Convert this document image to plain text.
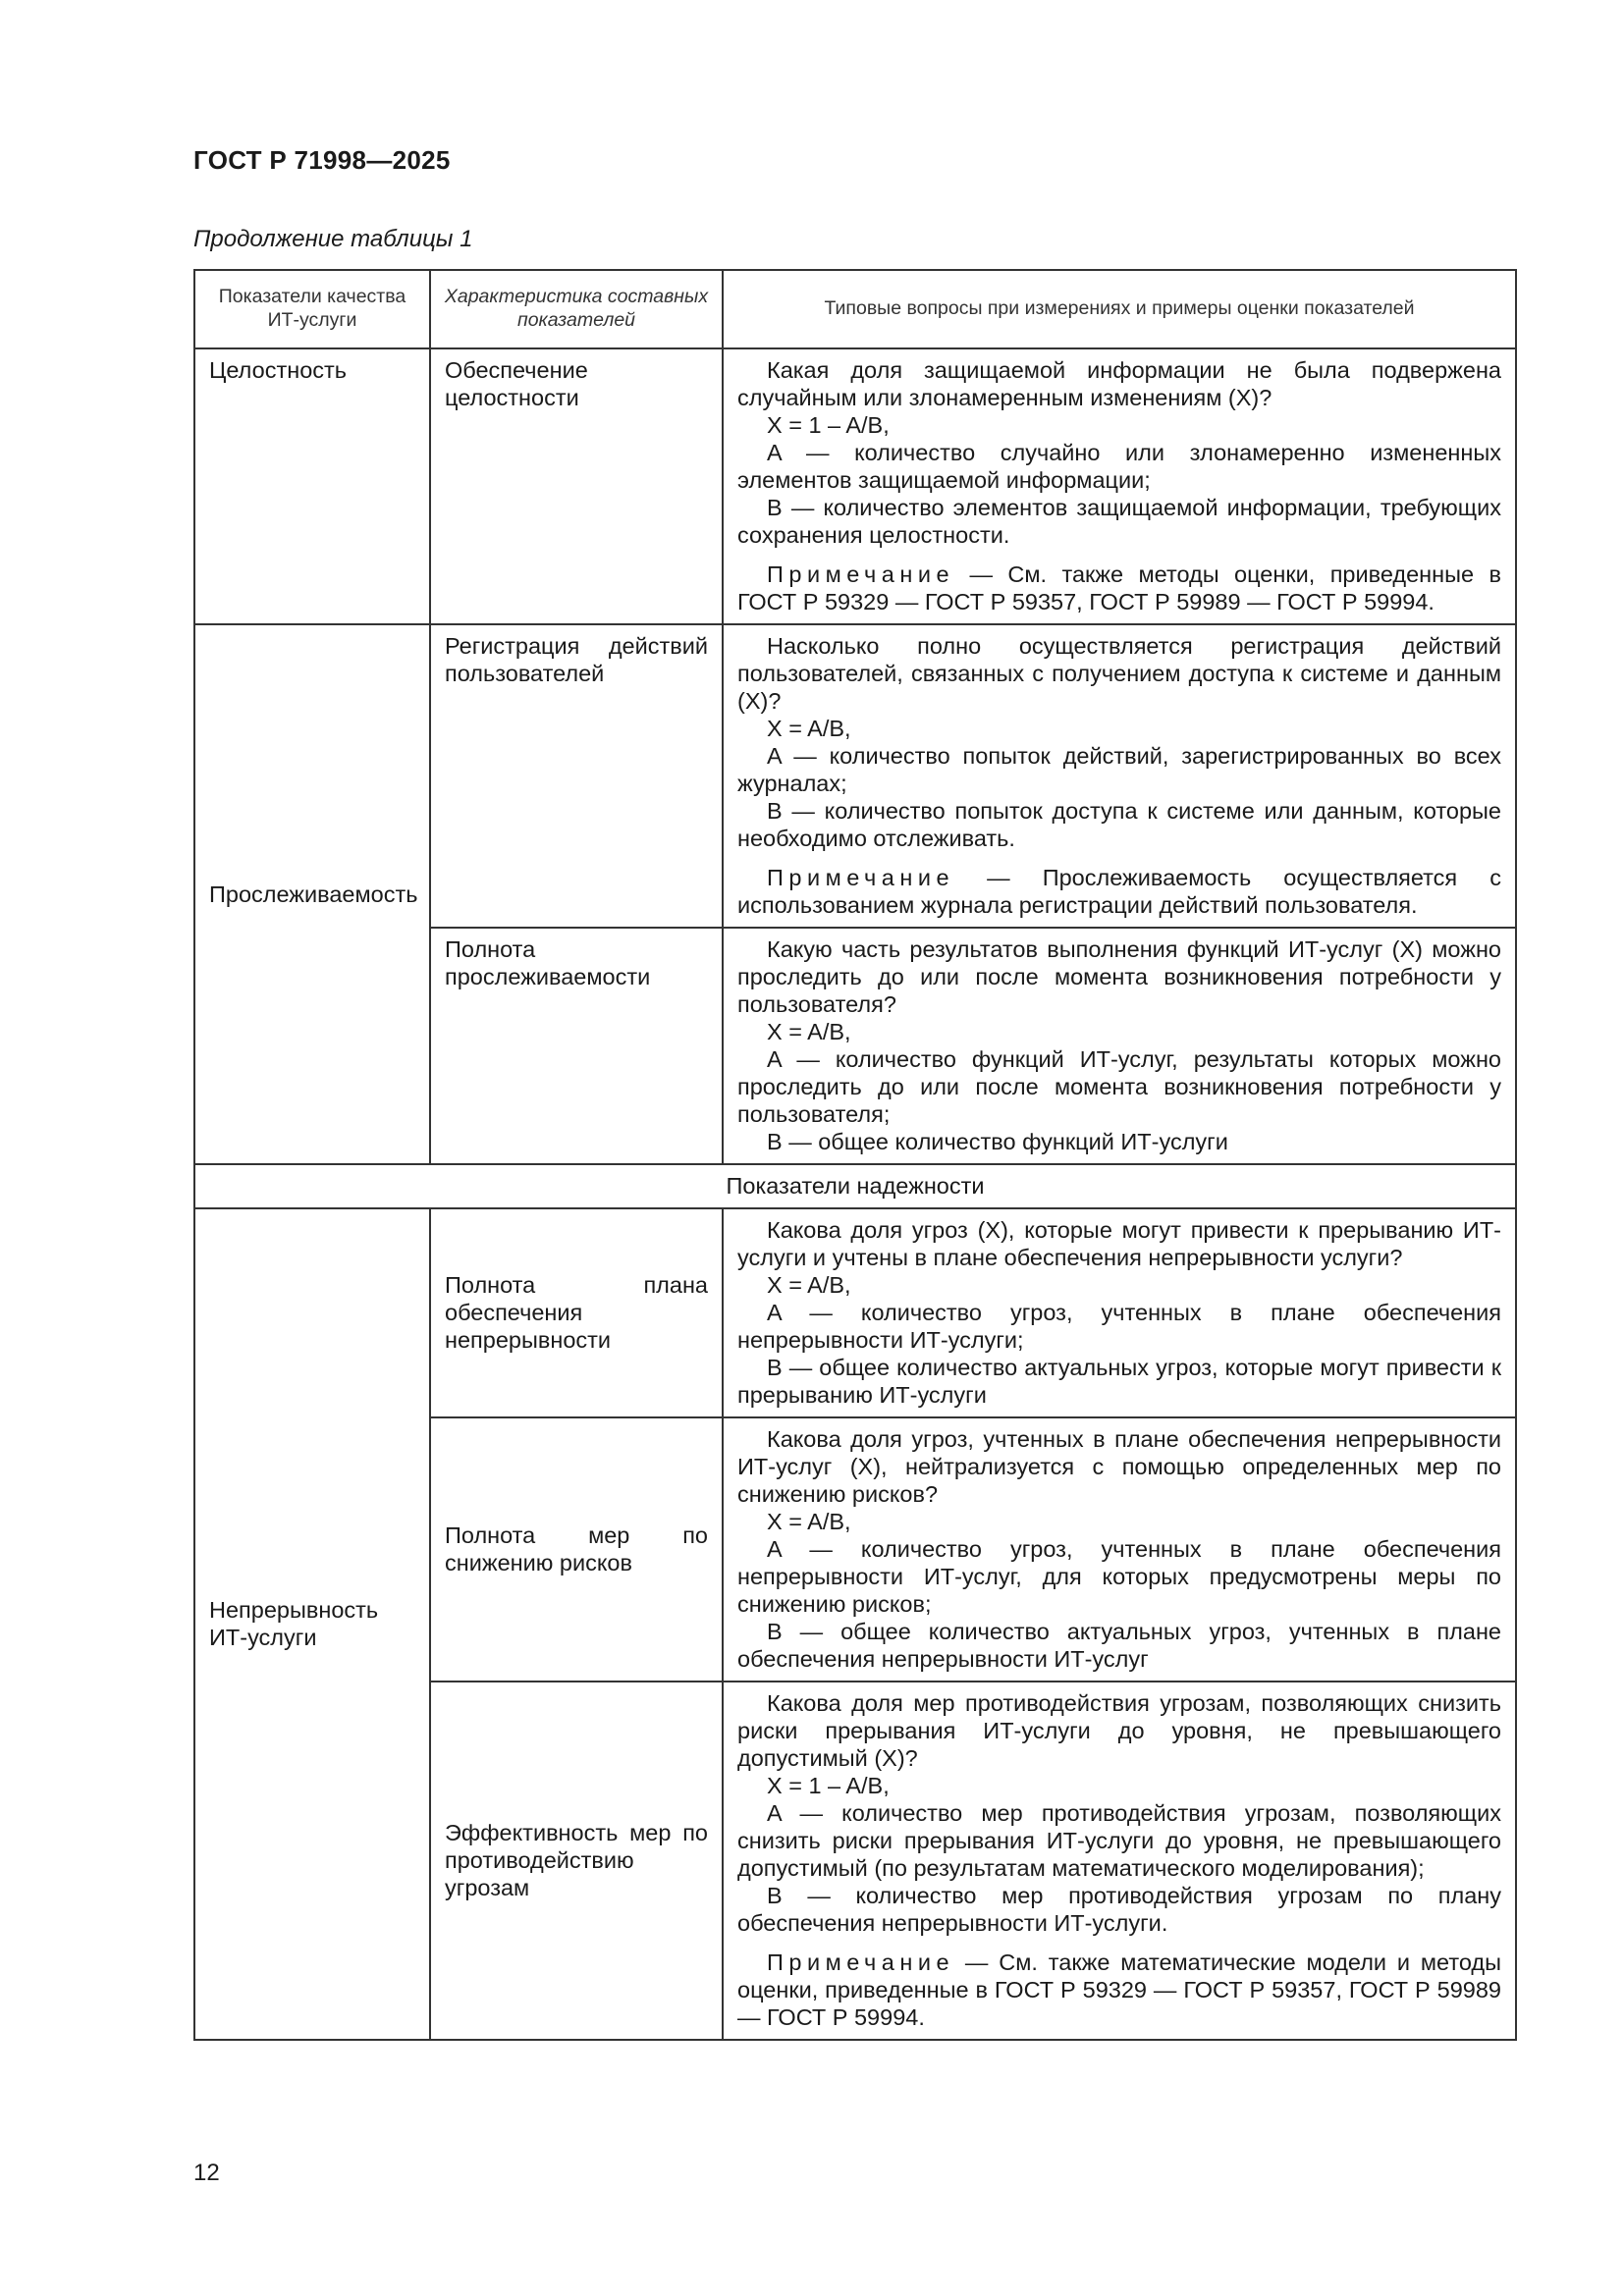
ГОСТ Р 71998—2025
Продолжение таблицы 1
Показатели качества ИТ-услуги	Характеристика составных показателей	Типовые вопросы при измерениях и примеры оценки показателей
Целостность	Обеспечение целостности	Какая доля защищаемой информации не была подвержена случайным или злонамеренным изменениям (X)?

X = 1 – A/B,

A — количество случайно или злонамеренно измененных элементов защищаемой информации;

B — количество элементов защищаемой информации, требующих сохранения целостности.

Примечание — См. также методы оценки, приведенные в ГОСТ Р 59329 — ГОСТ Р 59357, ГОСТ Р 59989 — ГОСТ Р 59994.

Прослеживаемость	Регистрация действий пользователей	Насколько полно осуществляется регистрация действий пользователей, связанных с получением доступа к системе и данным (X)?

X = A/B,

A — количество попыток действий, зарегистрированных во всех журналах;

B — количество попыток доступа к системе или данным, которые необходимо отслеживать.

Примечание — Прослеживаемость осуществляется с использованием журнала регистрации действий пользователя.

	Полнота прослеживаемости	Какую часть результатов выполнения функций ИТ-услуг (X) можно проследить до или после момента возникновения потребности у пользователя?

X = A/B,

A — количество функций ИТ-услуг, результаты которых можно проследить до или после момента возникновения потребности у пользователя;

B — общее количество функций ИТ-услуги

Показатели надежности		
Непрерывность ИТ-услуги	Полнота плана обеспечения непрерывности	Какова доля угроз (X), которые могут привести к прерыванию ИТ-услуги и учтены в плане обеспечения непрерывности услуги?

X = A/B,

A — количество угроз, учтенных в плане обеспечения непрерывности ИТ-услуги;

B — общее количество актуальных угроз, которые могут привести к прерыванию ИТ-услуги

	Полнота мер по снижению рисков	Какова доля угроз, учтенных в плане обеспечения непрерывности ИТ-услуг (X), нейтрализуется с помощью определенных мер по снижению рисков?

X = A/B,

A — количество угроз, учтенных в плане обеспечения непрерывности ИТ-услуг, для которых предусмотрены меры по снижению рисков;

B — общее количество актуальных угроз, учтенных в плане обеспечения непрерывности ИТ-услуг

	Эффективность мер по противодействию угрозам	Какова доля мер противодействия угрозам, позволяющих снизить риски прерывания ИТ-услуги до уровня, не превышающего допустимый (X)?

X = 1 – A/B,

A — количество мер противодействия угрозам, позволяющих снизить риски прерывания ИТ-услуги до уровня, не превышающего допустимый (по результатам математического моделирования);

B — количество мер противодействия угрозам по плану обеспечения непрерывности ИТ-услуги.

Примечание — См. также математические модели и методы оценки, приведенные в ГОСТ Р 59329 — ГОСТ Р 59357, ГОСТ Р 59989 — ГОСТ Р 59994.

12
